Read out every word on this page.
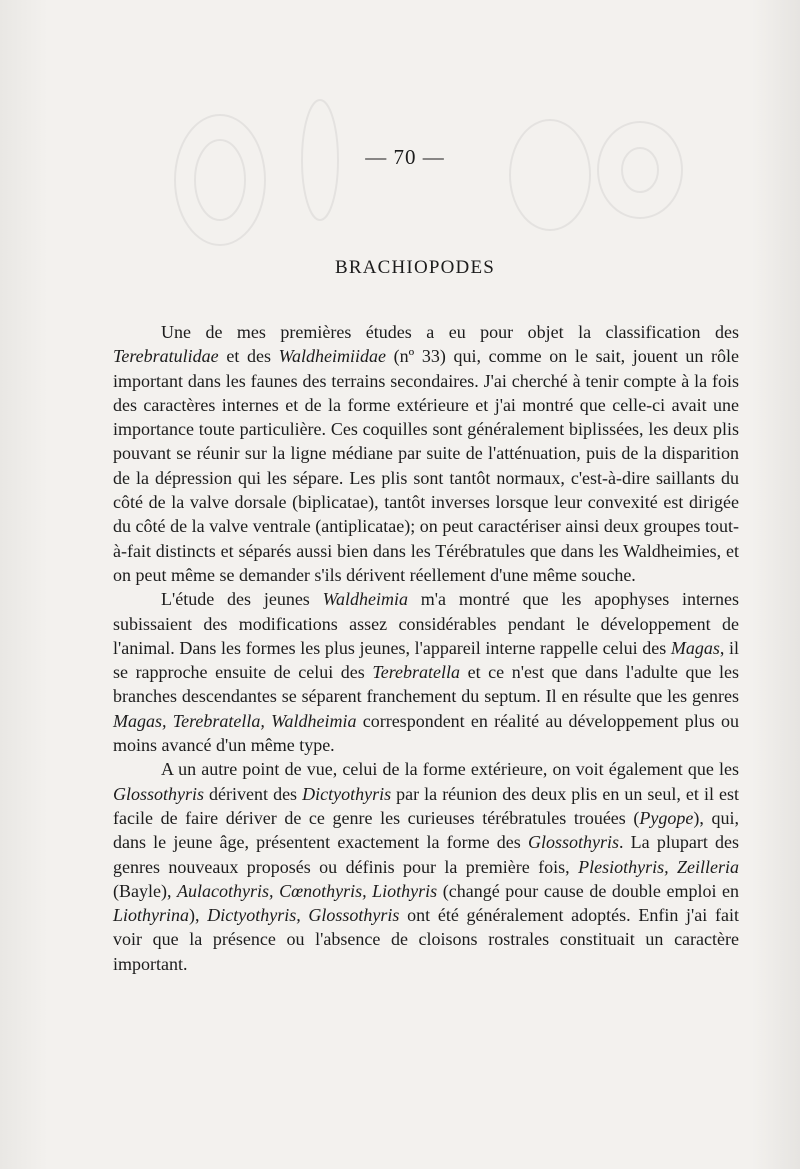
— 70 —
BRACHIOPODES

Une de mes premières études a eu pour objet la classification des Terebratulidae et des Waldheimiidae (nº 33) qui, comme on le sait, jouent un rôle important dans les faunes des terrains secondaires. J'ai cherché à tenir compte à la fois des caractères internes et de la forme extérieure et j'ai montré que celle-ci avait une importance toute particulière. Ces coquilles sont généralement biplissées, les deux plis pouvant se réunir sur la ligne médiane par suite de l'atténuation, puis de la disparition de la dépression qui les sépare. Les plis sont tantôt normaux, c'est-à-dire saillants du côté de la valve dorsale (biplicatae), tantôt inverses lorsque leur convexité est dirigée du côté de la valve ventrale (antiplicatae); on peut caractériser ainsi deux groupes tout-à-fait distincts et séparés aussi bien dans les Térébratules que dans les Waldheimies, et on peut même se demander s'ils dérivent réellement d'une même souche.

L'étude des jeunes Waldheimia m'a montré que les apophyses internes subissaient des modifications assez considérables pendant le développement de l'animal. Dans les formes les plus jeunes, l'appareil interne rappelle celui des Magas, il se rapproche ensuite de celui des Terebratella et ce n'est que dans l'adulte que les branches descendantes se séparent franchement du septum. Il en résulte que les genres Magas, Terebratella, Waldheimia correspondent en réalité au développement plus ou moins avancé d'un même type.

A un autre point de vue, celui de la forme extérieure, on voit également que les Glossothyris dérivent des Dictyothyris par la réunion des deux plis en un seul, et il est facile de faire dériver de ce genre les curieuses térébratules trouées (Pygope), qui, dans le jeune âge, présentent exactement la forme des Glossothyris. La plupart des genres nouveaux proposés ou définis pour la première fois, Plesiothyris, Zeilleria (Bayle), Aulacothyris, Cœnothyris, Liothyris (changé pour cause de double emploi en Liothyrina), Dictyothyris, Glossothyris ont été généralement adoptés. Enfin j'ai fait voir que la présence ou l'absence de cloisons rostrales constituait un caractère important.
